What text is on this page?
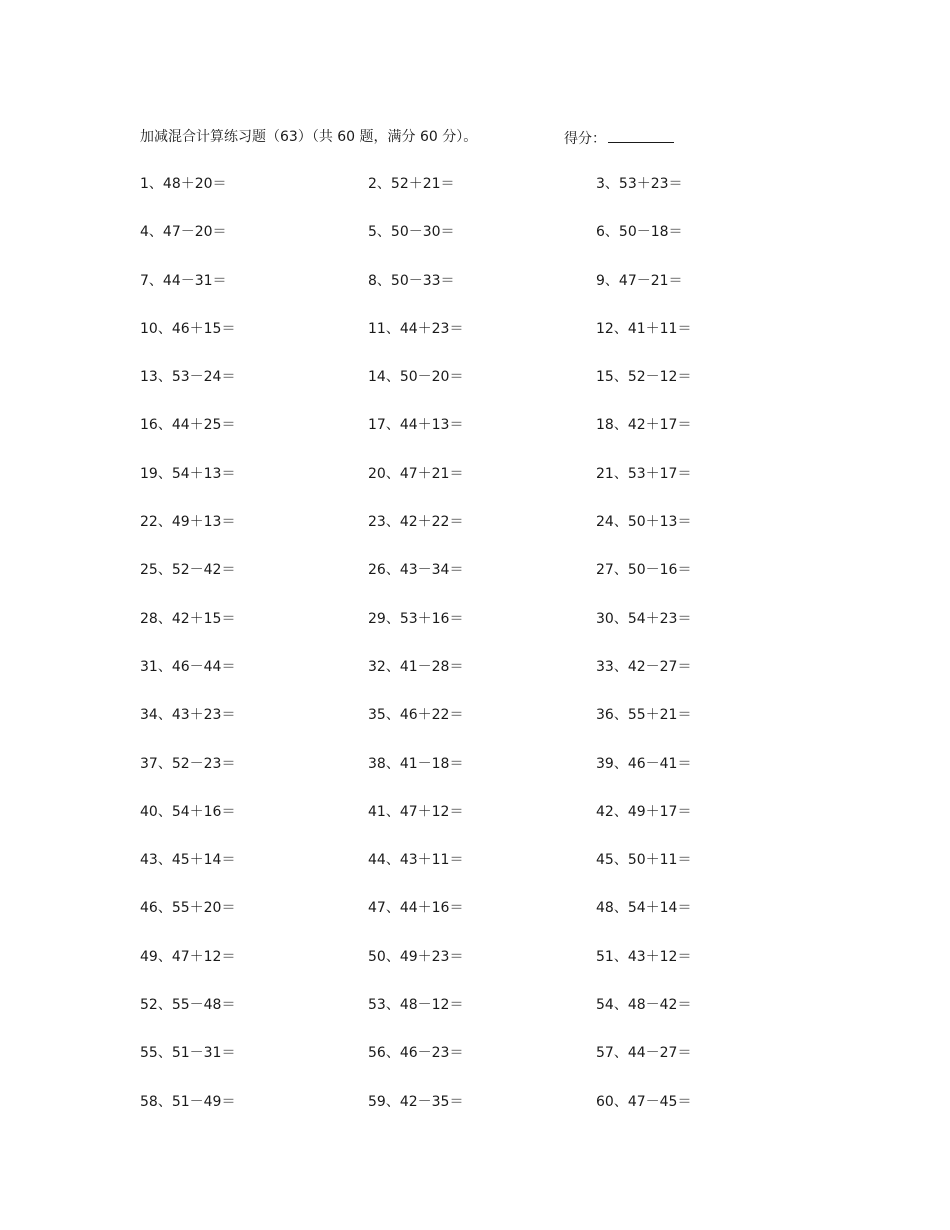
加减混合计算练习题（63）（共 60 题，满分 60 分）。	得分：
1、48＋20＝	2、52＋21＝	3、53＋23＝
4、47－20＝	5、50－30＝	6、50－18＝
7、44－31＝	8、50－33＝	9、47－21＝
10、46＋15＝	11、44＋23＝	12、41＋11＝
13、53－24＝	14、50－20＝	15、52－12＝
16、44＋25＝	17、44＋13＝	18、42＋17＝
19、54＋13＝	20、47＋21＝	21、53＋17＝
22、49＋13＝	23、42＋22＝	24、50＋13＝
25、52－42＝	26、43－34＝	27、50－16＝
28、42＋15＝	29、53＋16＝	30、54＋23＝
31、46－44＝	32、41－28＝	33、42－27＝
34、43＋23＝	35、46＋22＝	36、55＋21＝
37、52－23＝	38、41－18＝	39、46－41＝
40、54＋16＝	41、47＋12＝	42、49＋17＝
43、45＋14＝	44、43＋11＝	45、50＋11＝
46、55＋20＝	47、44＋16＝	48、54＋14＝
49、47＋12＝	50、49＋23＝	51、43＋12＝
52、55－48＝	53、48－12＝	54、48－42＝
55、51－31＝	56、46－23＝	57、44－27＝
58、51－49＝	59、42－35＝	60、47－45＝
